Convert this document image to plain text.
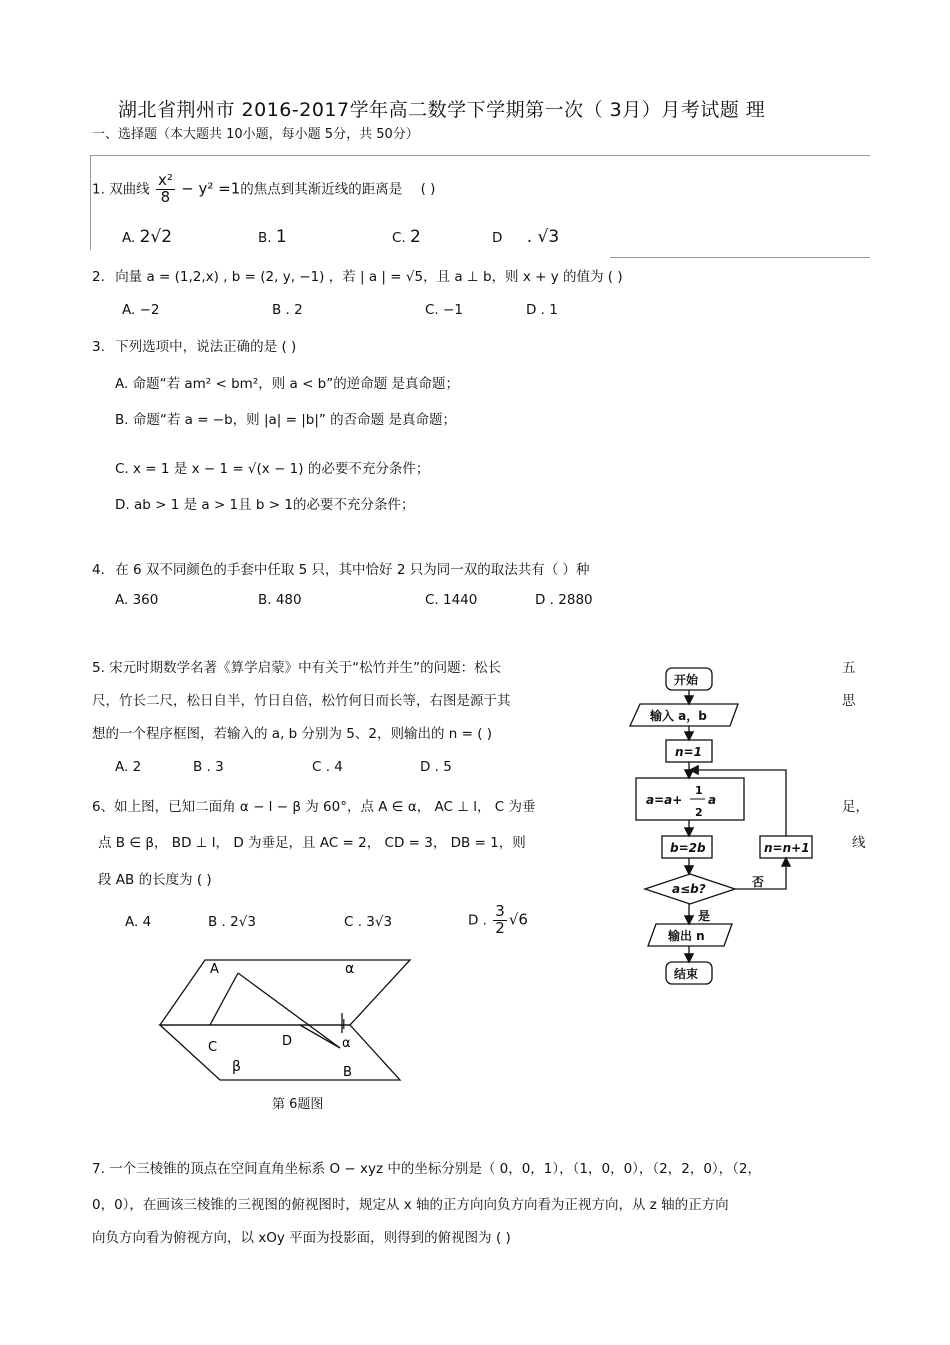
湖北省荆州市 2016-2017学年高二数学下学期第一次（ 3月）月考试题 理
一、选择题（本大题共 10小题，每小题 5分，共 50分）
1. 双曲线 $\frac{\text{x²}}{8} - y^2 =1$的焦点到其渐近线的距离是 ( )
A. 2√2	B. 1	C. 2	D . √3
2. 向量 a = (1,2,x) , b = (2, y, −1) ，若 | a | = √5，且 a ⊥ b，则 x + y 的值为 ( )
A. −2	B . 2	C. −1	D . 1
3. 下列选项中，说法正确的是 ( )
A. 命题“若 am² < bm²，则 a < b”的逆命题 是真命题；
B. 命题“若 a = −b，则 |a| = |b|” 的否命题 是真命题；
C. x = 1 是 x − 1 = √(x − 1) 的必要不充分条件；
D. ab > 1 是 a > 1且 b > 1的必要不充分条件；
4. 在 6 双不同颜色的手套中任取 5 只，其中恰好 2 只为同一双的取法共有（ ）种
A. 360	B. 480	C. 1440	D . 2880
5. 宋元时期数学名著《算学启蒙》中有关于“松竹并生”的问题：松长	五
尺，竹长二尺，松日自半，竹日自倍，松竹何日而长等，右图是源于其	思
想的一个程序框图，若输入的 a, b 分别为 5、2，则输出的 n = ( )
A. 2	B . 3	C . 4	D . 5
6、如上图，已知二面角 α − l − β 为 60°，点 A ∈ α， AC ⊥ l， C 为垂	足，
点 B ∈ β， BD ⊥ l， D 为垂足，且 AC = 2， CD = 3， DB = 1，则	线
段 AB 的长度为 ( )
A. 4	B . 2√3	C . 3√3	D . $\frac{3}{2} √6$
A	α
C	D
l
α
β	B
第 6题图
开始
输入 a，b
n=1
a=a+
1
2
a
b=2b	n=n+1
a≤b?	否
是
输出 n
结束
7. 一个三棱锥的顶点在空间直角坐标系 O − xyz 中的坐标分别是（ 0，0，1），（1，0，0），（2，2，0），（2，
0，0），在画该三棱锥的三视图的俯视图时，规定从 x 轴的正方向向负方向看为正视方向，从 z 轴的正方向
向负方向看为俯视方向，以 xOy 平面为投影面，则得到的俯视图为 ( )
